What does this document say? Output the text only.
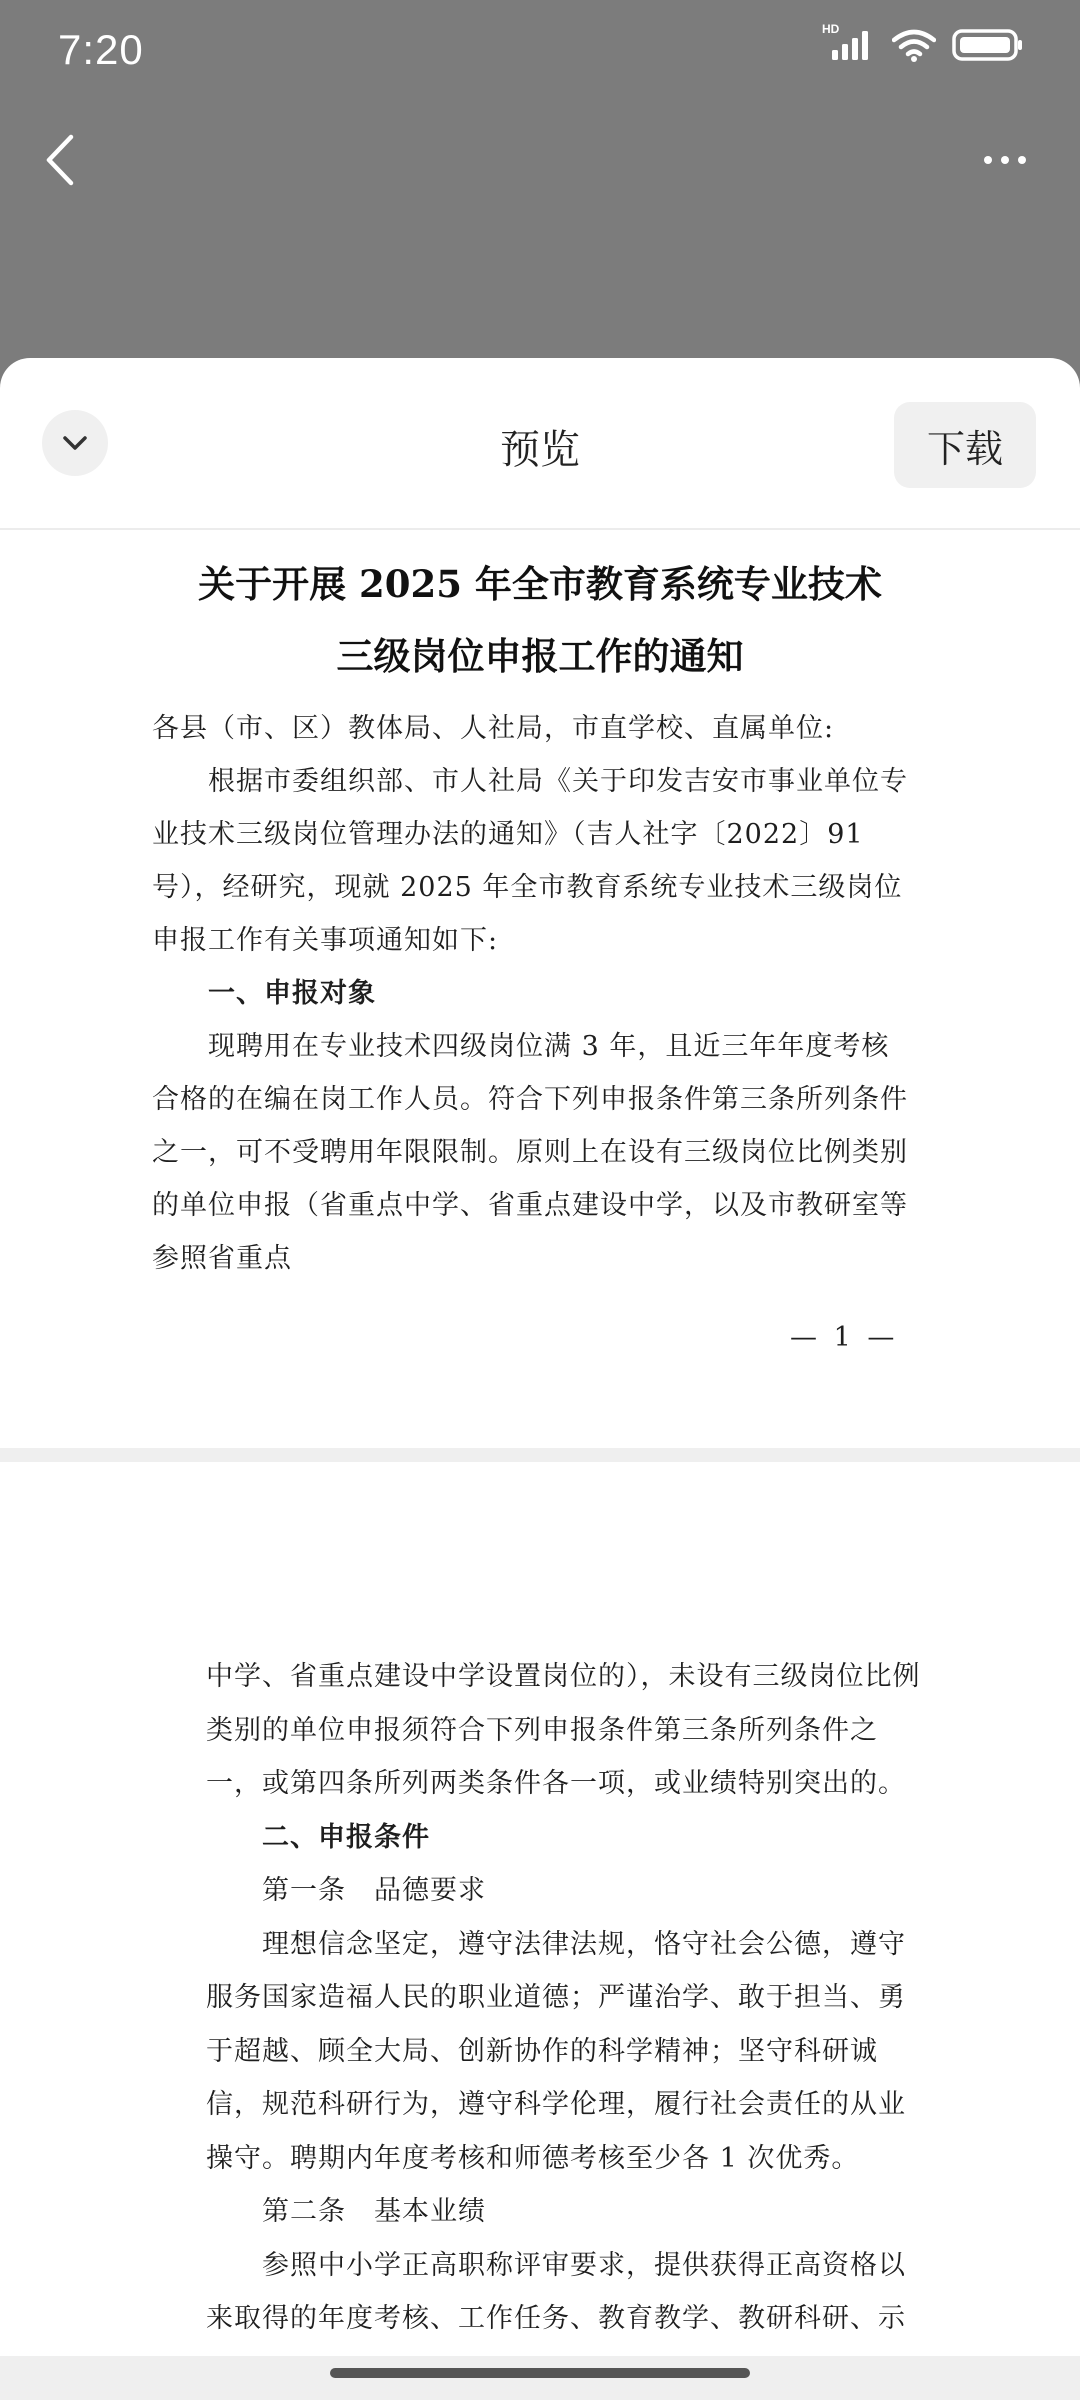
7:20	HD
预览	下载
关于开展 2025 年全市教育系统专业技术
三级岗位申报工作的通知
各县（市、区）教体局、人社局，市直学校、直属单位:
根据市委组织部、市人社局《关于印发吉安市事业单位专业技术三级岗位管理办法的通知》（吉人社字〔2022〕91 号），经研究，现就 2025 年全市教育系统专业技术三级岗位申报工作有关事项通知如下:
一、申报对象
现聘用在专业技术四级岗位满 3 年，且近三年年度考核合格的在编在岗工作人员。符合下列申报条件第三条所列条件之一，可不受聘用年限限制。原则上在设有三级岗位比例类别的单位申报（省重点中学、省重点建设中学，以及市教研室等参照省重点
— 1 —
中学、省重点建设中学设置岗位的），未设有三级岗位比例类别的单位申报须符合下列申报条件第三条所列条件之一，或第四条所列两类条件各一项，或业绩特别突出的。
二、申报条件
第一条　品德要求
理想信念坚定，遵守法律法规，恪守社会公德，遵守服务国家造福人民的职业道德；严谨治学、敢于担当、勇于超越、顾全大局、创新协作的科学精神；坚守科研诚信，规范科研行为，遵守科学伦理，履行社会责任的从业操守。聘期内年度考核和师德考核至少各 1 次优秀。
第二条　基本业绩
参照中小学正高职称评审要求，提供获得正高资格以来取得的年度考核、工作任务、教育教学、教研科研、示
